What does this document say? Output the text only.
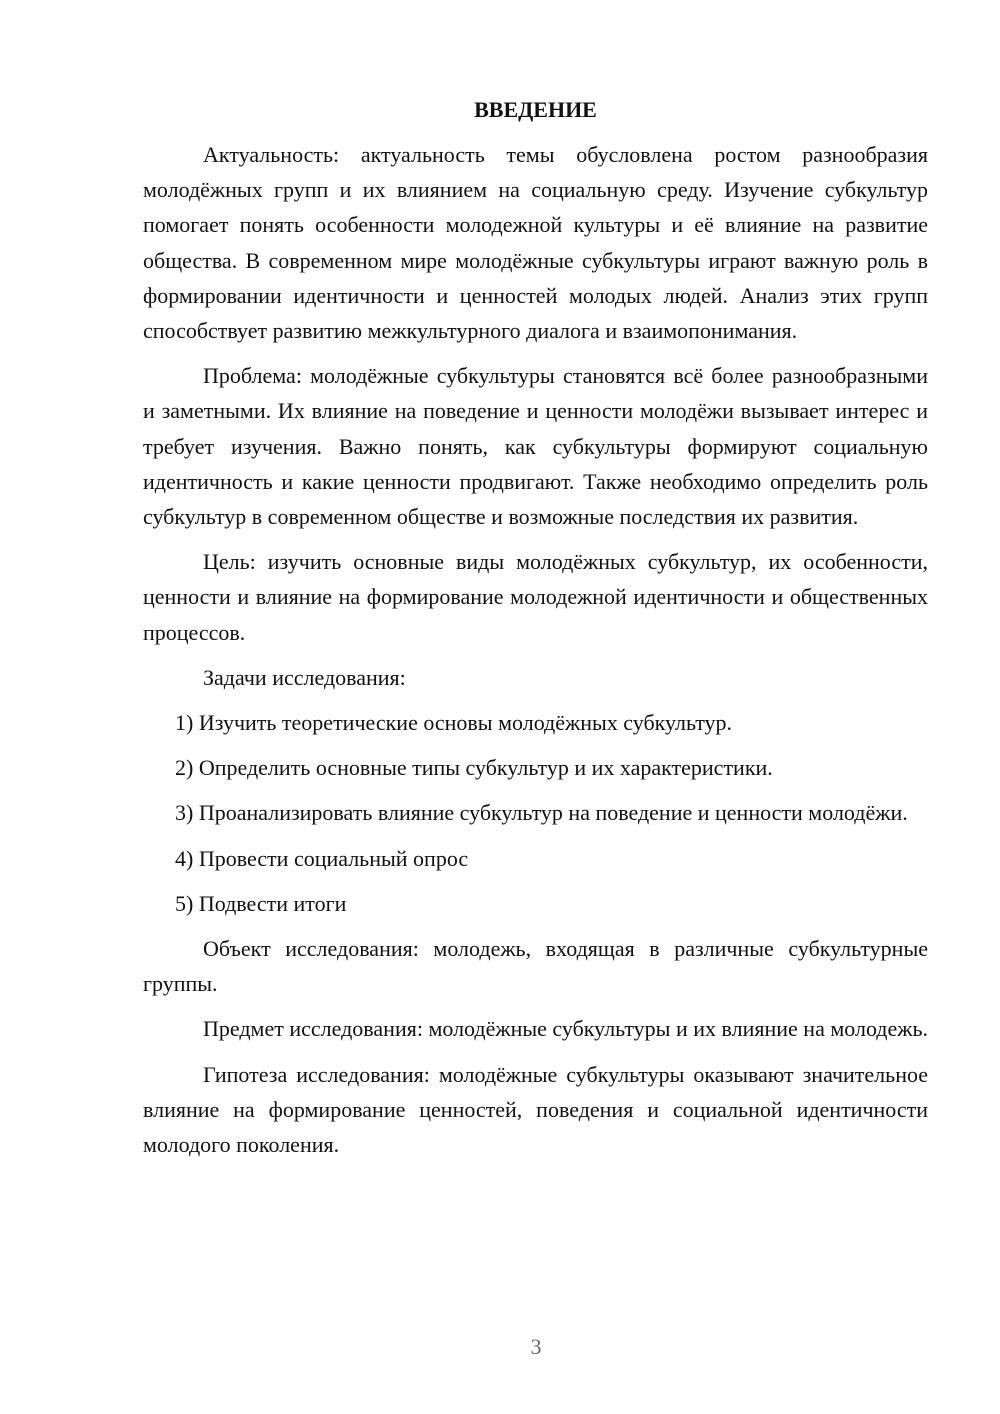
ВВЕДЕНИЕ

Актуальность: актуальность темы обусловлена ростом разнообразия молодёжных групп и их влиянием на социальную среду. Изучение субкультур помогает понять особенности молодежной культуры и её влияние на развитие общества. В современном мире молодёжные субкультуры играют важную роль в формировании идентичности и ценностей молодых людей. Анализ этих групп способствует развитию межкультурного диалога и взаимопонимания.

Проблема: молодёжные субкультуры становятся всё более разнообразными и заметными. Их влияние на поведение и ценности молодёжи вызывает интерес и требует изучения. Важно понять, как субкультуры формируют социальную идентичность и какие ценности продвигают. Также необходимо определить роль субкультур в современном обществе и возможные последствия их развития.

Цель: изучить основные виды молодёжных субкультур, их особенности, ценности и влияние на формирование молодежной идентичности и общественных процессов.

Задачи исследования:

1) Изучить теоретические основы молодёжных субкультур.

2) Определить основные типы субкультур и их характеристики.

3) Проанализировать влияние субкультур на поведение и ценности молодёжи.

4) Провести социальный опрос

5) Подвести итоги

Объект исследования: молодежь, входящая в различные субкультурные группы.

Предмет исследования: молодёжные субкультуры и их влияние на молодежь.

Гипотеза исследования: молодёжные субкультуры оказывают значительное влияние на формирование ценностей, поведения и социальной идентичности молодого поколения.

3
